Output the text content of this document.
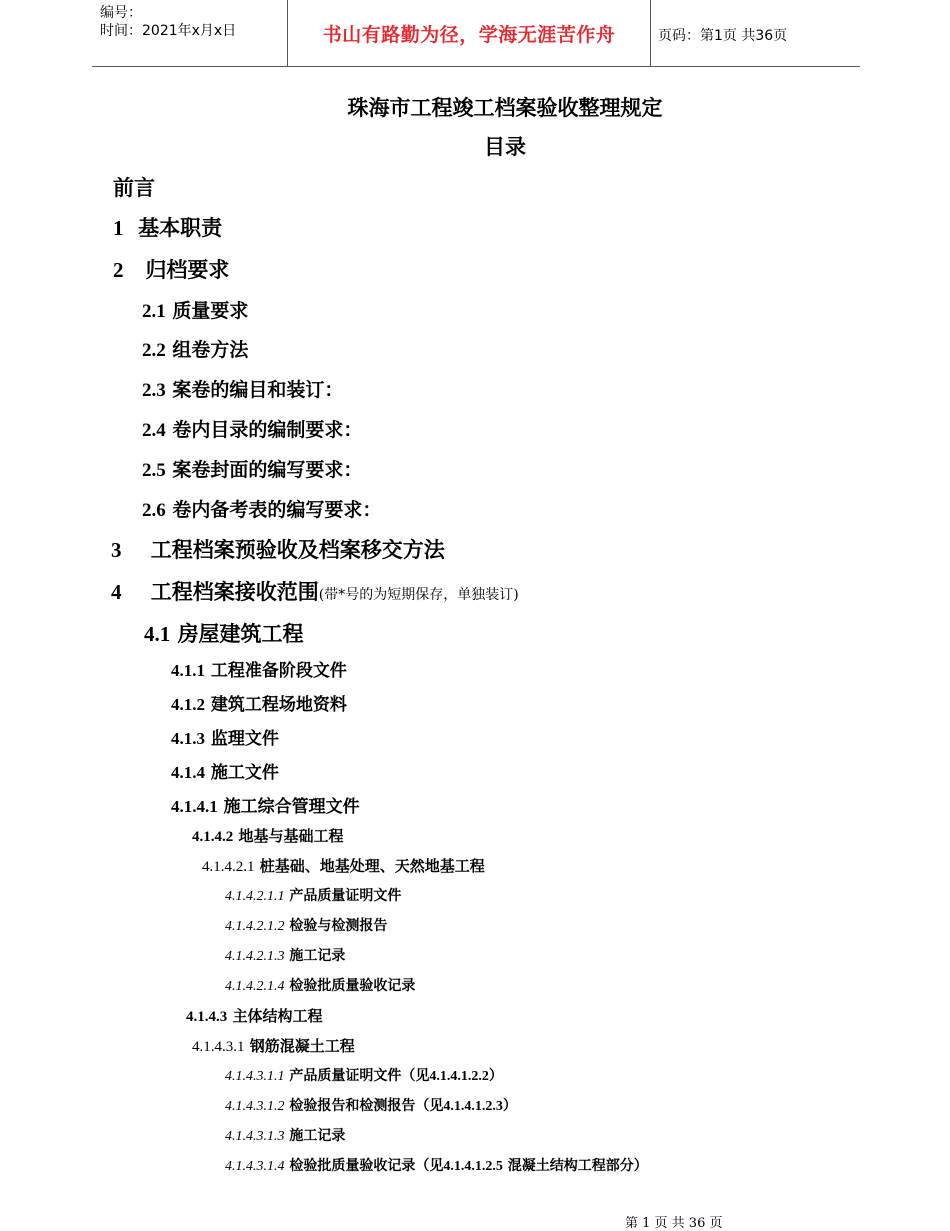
编号：
时间：2021年x月x日	书山有路勤为径，学海无涯苦作舟	页码：第1页 共36页
珠海市工程竣工档案验收整理规定
目录
前言
1 基本职责
2 归档要求
2.1 质量要求
2.2 组卷方法
2.3 案卷的编目和装订：
2.4 卷内目录的编制要求：
2.5 案卷封面的编写要求：
2.6 卷内备考表的编写要求：
3 工程档案预验收及档案移交方法
4 工程档案接收范围(带*号的为短期保存，单独装订)
4.1 房屋建筑工程
4.1.1 工程准备阶段文件
4.1.2 建筑工程场地资料
4.1.3 监理文件
4.1.4 施工文件
4.1.4.1 施工综合管理文件
4.1.4.2 地基与基础工程
4.1.4.2.1 桩基础、地基处理、天然地基工程
4.1.4.2.1.1 产品质量证明文件
4.1.4.2.1.2 检验与检测报告
4.1.4.2.1.3 施工记录
4.1.4.2.1.4 检验批质量验收记录
4.1.4.3 主体结构工程
4.1.4.3.1 钢筋混凝土工程
4.1.4.3.1.1 产品质量证明文件（见4.1.4.1.2.2）
4.1.4.3.1.2 检验报告和检测报告（见4.1.4.1.2.3）
4.1.4.3.1.3 施工记录
4.1.4.3.1.4 检验批质量验收记录（见4.1.4.1.2.5 混凝土结构工程部分）
第 1 页 共 36 页
